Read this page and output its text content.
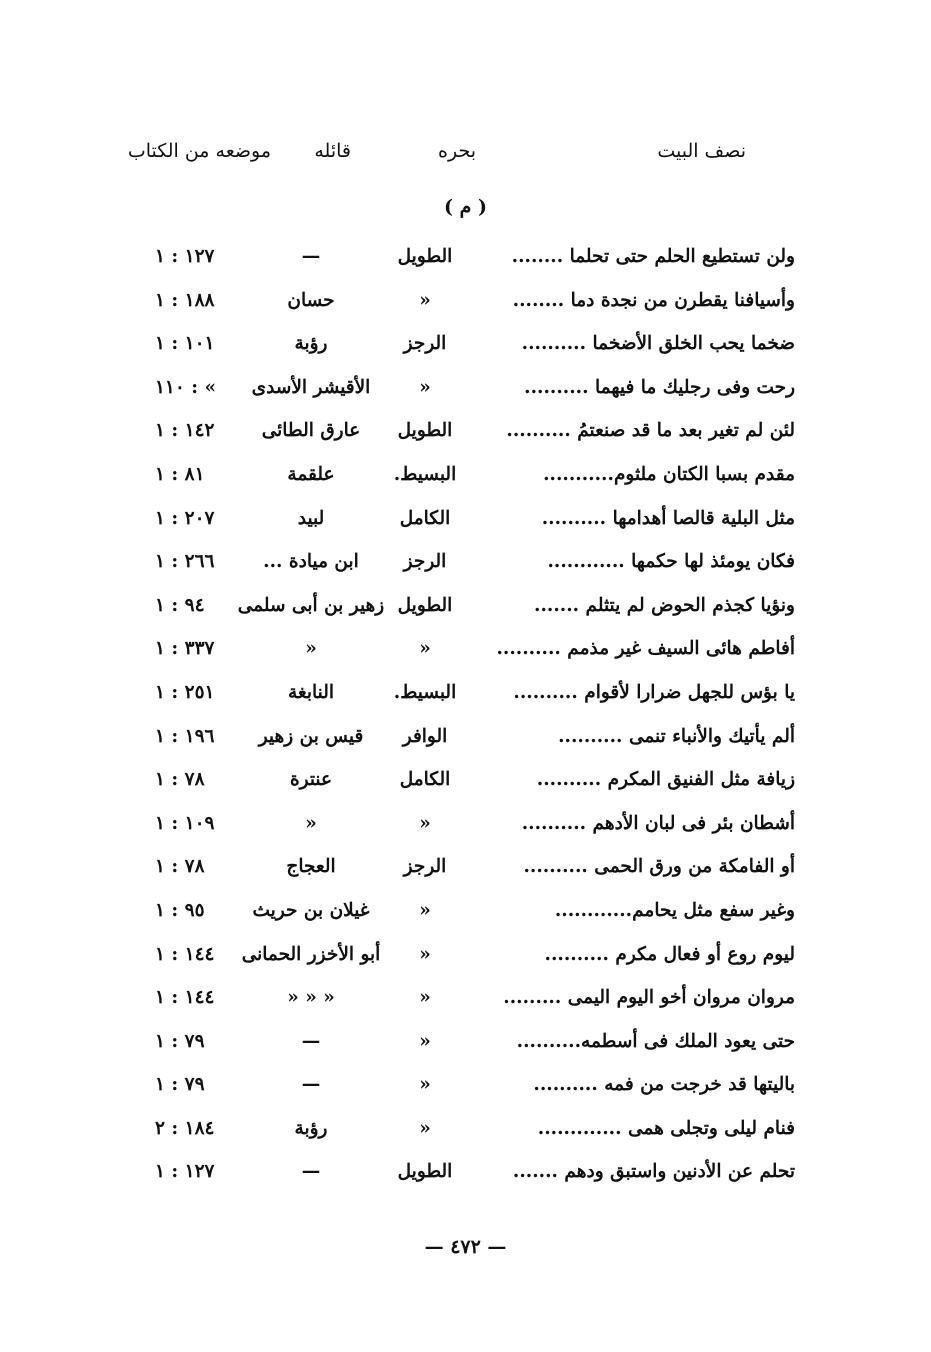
نصف البيت
بحره
قائله
موضعه من الكتاب
( م )
ولن تستطيع الحلم حتى تحلما ........
الطويل
—
١٢٧ : ١
وأسيافنا يقطرن من نجدة دما ........
«
حسان
١٨٨ : ١
ضخما يحب الخلق الأضخما ..........
الرجز
رؤبة
١٠١ : ١
رحت وفى رجليك ما فيهما ..........
«
الأقيشر الأسدى
١١٠ : «
لئن لم تغير بعد ما قد صنعتمُ ..........
الطويل
عارق الطائى
١٤٢ : ١
مقدم بسبا الكتان ملثوم...........
البسيط.
علقمة
٨١ : ١
مثل البلية قالصا أهدامها ..........
الكامل
لبيد
٢٠٧ : ١
فكان يومئذ لها حكمها ............
الرجز
ابن ميادة ...
٢٦٦ : ١
ونؤيا كجذم الحوض لم يتثلم .......
الطويل
زهير بن أبى سلمى
٩٤ : ١
أفاطم هائى السيف غير مذمم ..........
«
«
٣٣٧ : ١
يا بؤس للجهل ضرارا لأقوام ..........
البسيط.
النابغة
٢٥١ : ١
ألم يأتيك والأنباء تنمى ..........
الوافر
قيس بن زهير
١٩٦ : ١
زيافة مثل الفنيق المكرم ..........
الكامل
عنترة
٧٨ : ١
أشطان بئر فى لبان الأدهم ..........
«
«
١٠٩ : ١
أو الفامكة من ورق الحمى ..........
الرجز
العجاج
٧٨ : ١
وغير سفع مثل يحامم............
«
غيلان بن حريث
٩٥ : ١
ليوم روع أو فعال مكرم ..........
«
أبو الأخزر الحمانى
١٤٤ : ١
مروان مروان أخو اليوم اليمى .........
«
« « «
١٤٤ : ١
حتى يعود الملك فى أسطمه..........
«
—
٧٩ : ١
باليتها قد خرجت من فمه ..........
«
—
٧٩ : ١
فنام ليلى وتجلى همى .............
«
رؤبة
١٨٤ : ٢
تحلم عن الأدنين واستبق ودهم .......
الطويل
—
١٢٧ : ١
— ٤٧٢ —
